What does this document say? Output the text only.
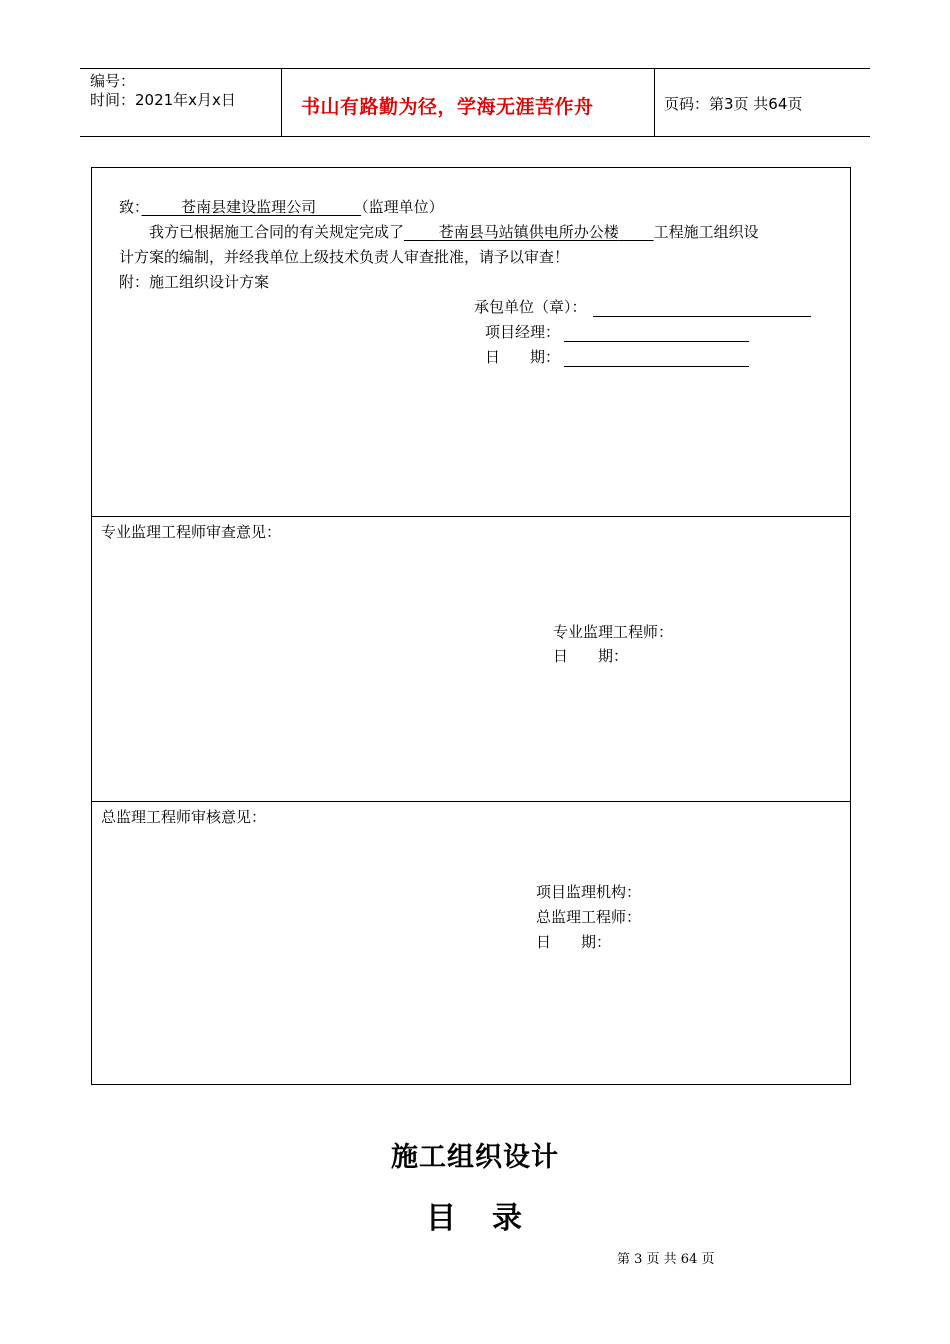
编号：
时间：2021年x月x日	书山有路勤为径，学海无涯苦作舟	页码：第3页 共64页
致：　　	苍南县建设监理公司　　　	（监理单位）
我方已根据施工合同的有关规定完成了　　 苍南县马站镇供电所办公楼　　 工程施工组织设
计方案的编制，并经我单位上级技术负责人审查批准，请予以审查！
附：施工组织设计方案
承包单位（章）：
项目经理：
日　　期：
专业监理工程师审查意见：
专业监理工程师：
日　　期：
总监理工程师审核意见：
项目监理机构：
总监理工程师：
日　　期：
施工组织设计
目录
第 3 页 共 64 页
